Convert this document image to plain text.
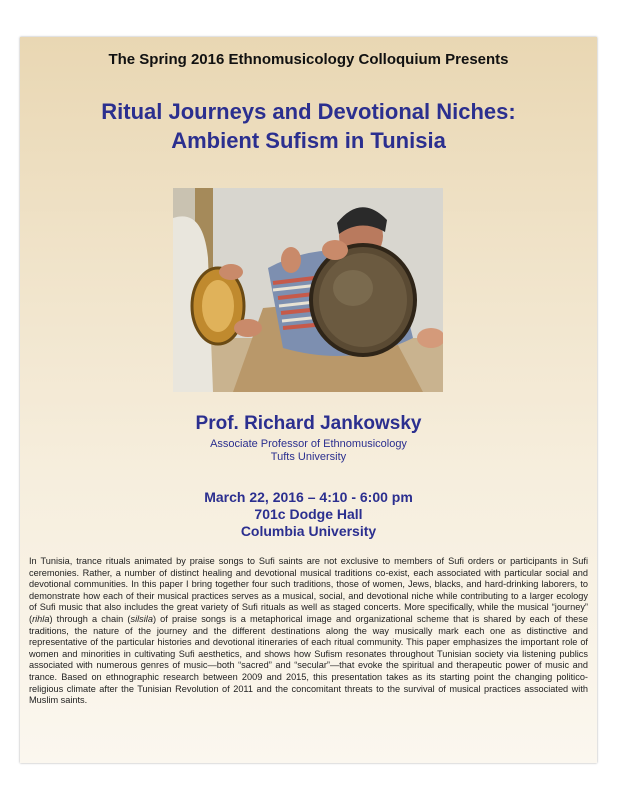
The Spring 2016 Ethnomusicology Colloquium Presents
Ritual Journeys and Devotional Niches:
Ambient Sufism in Tunisia
Prof. Richard Jankowsky
Associate Professor of Ethnomusicology
Tufts University
March 22, 2016 – 4:10 - 6:00 pm
701c Dodge Hall
Columbia University

In Tunisia, trance rituals animated by praise songs to Sufi saints are not exclusive to members of Sufi orders or participants in Sufi ceremonies. Rather, a number of distinct healing and devotional musical traditions co-exist, each associated with particular social and devotional communities. In this paper I bring together four such traditions, those of women, Jews, blacks, and hard-drinking laborers, to demonstrate how each of their musical practices serves as a musical, social, and devotional niche while contributing to a larger ecology of Sufi music that also includes the great variety of Sufi rituals as well as staged concerts. More specifically, while the musical “journey” (rihla) through a chain (silsila) of praise songs is a metaphorical image and organizational scheme that is shared by each of these traditions, the nature of the journey and the different destinations along the way musically mark each one as distinctive and representative of the particular histories and devotional itineraries of each ritual community. This paper emphasizes the important role of women and minorities in cultivating Sufi aesthetics, and shows how Sufism resonates throughout Tunisian society via listening publics associated with numerous genres of music—both “sacred” and “secular”—that evoke the spiritual and therapeutic power of music and trance. Based on ethnographic research between 2009 and 2015, this presentation takes as its starting point the changing politico-religious climate after the Tunisian Revolution of 2011 and the concomitant threats to the survival of musical practices associated with Muslim saints.
